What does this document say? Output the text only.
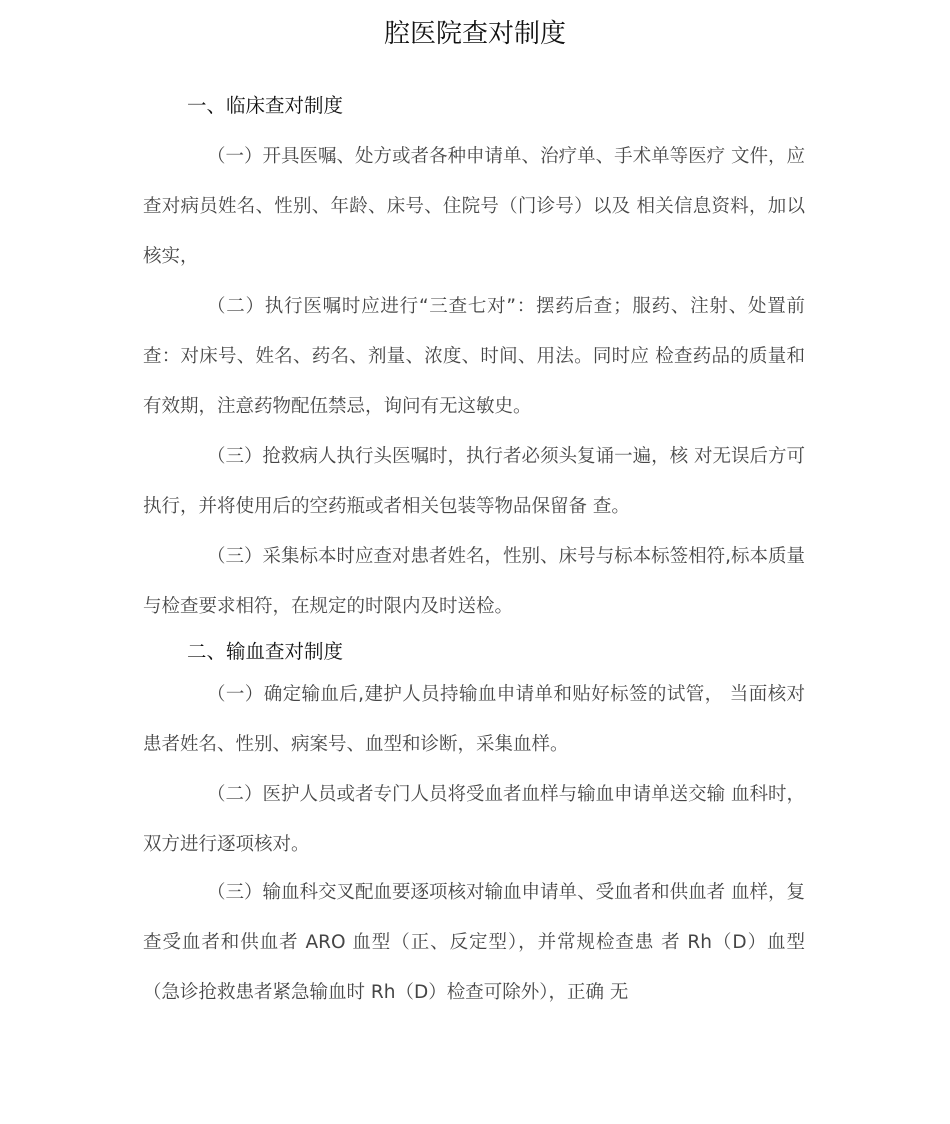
腔医院查对制度
一、临床查对制度
（一）开具医嘱、处方或者各种申请单、治疗单、手术单等医疗 文件，应查对病员姓名、性别、年龄、床号、住院号（门诊号）以及 相关信息资料，加以核实，
（二）执行医嘱时应进行“三查七对”：摆药后查；服药、注射、处置前查：对床号、姓名、药名、剂量、浓度、时间、用法。同时应 检查药品的质量和有效期，注意药物配伍禁忌，询问有无这敏史。
（三）抢救病人执行头医嘱时，执行者必须头复诵一遍，核 对无误后方可执行，并将使用后的空药瓶或者相关包装等物品保留备 查。
（三）采集标本时应查对患者姓名，性别、床号与标本标签相符,标本质量与检查要求相符，在规定的时限内及时送检。
二、输血查对制度
（一）确定输血后,建护人员持输血申请单和贴好标签的试管， 当面核对患者姓名、性别、病案号、血型和诊断，采集血样。
（二）医护人员或者专门人员将受血者血样与输血申请单送交输 血科时，双方进行逐项核对。
（三）输血科交叉配血要逐项核对输血申请单、受血者和供血者 血样，复查受血者和供血者 ARO 血型（正、反定型），并常规检查患 者 Rh（D）血型（急诊抢救患者紧急输血时 Rh（D）检查可除外），正确 无
